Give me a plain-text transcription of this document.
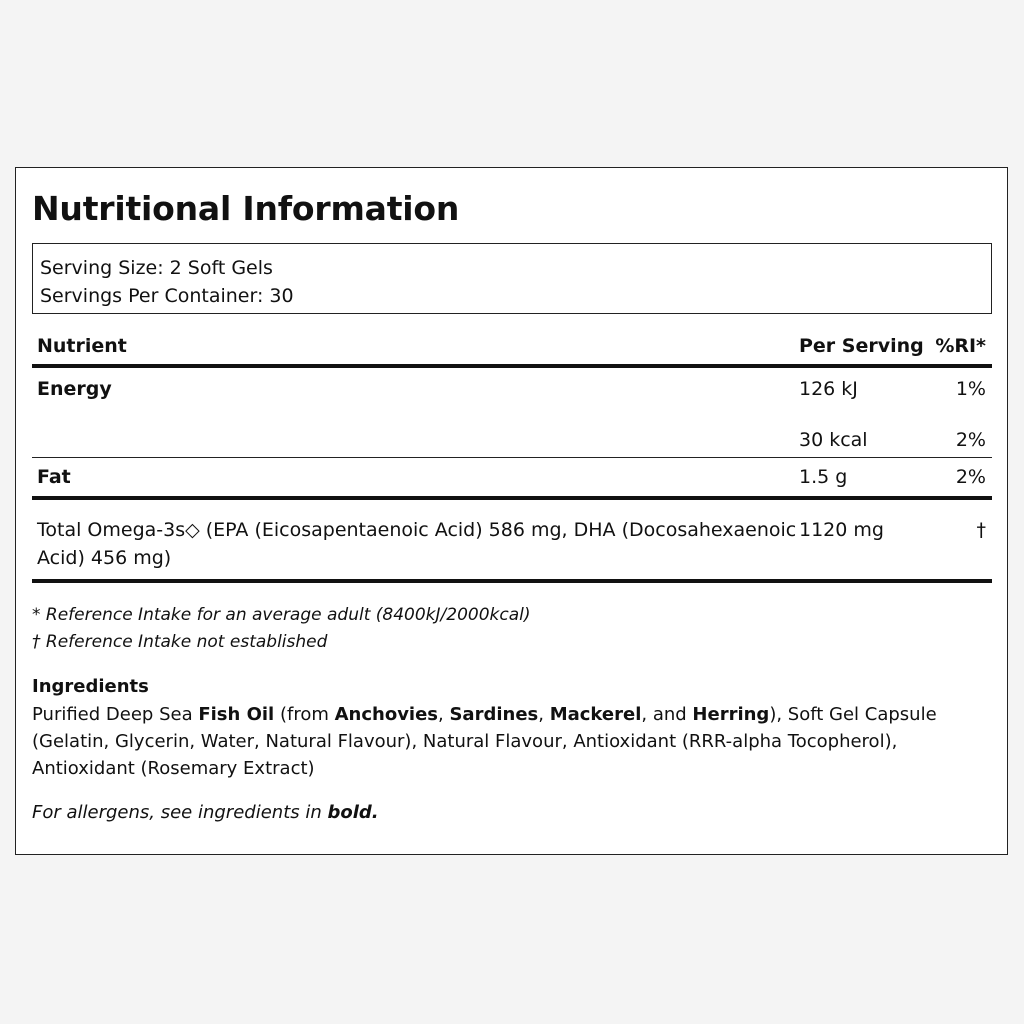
Nutritional Information
Serving Size: 2 Soft Gels
Servings Per Container: 30
Nutrient	Per Serving	%RI*
Energy	126 kJ	1%
	30 kcal	2%
Fat	1.5 g	2%
Total Omega-3s◇ (EPA (Eicosapentaenoic Acid) 586 mg, DHA (Docosahexaenoic Acid) 456 mg)	1120 mg	†
* Reference Intake for an average adult (8400kJ/2000kcal)
† Reference Intake not established
Ingredients
Purified Deep Sea Fish Oil (from Anchovies, Sardines, Mackerel, and Herring), Soft Gel Capsule (Gelatin, Glycerin, Water, Natural Flavour), Natural Flavour, Antioxidant (RRR-alpha Tocopherol), Antioxidant (Rosemary Extract)
For allergens, see ingredients in bold.
